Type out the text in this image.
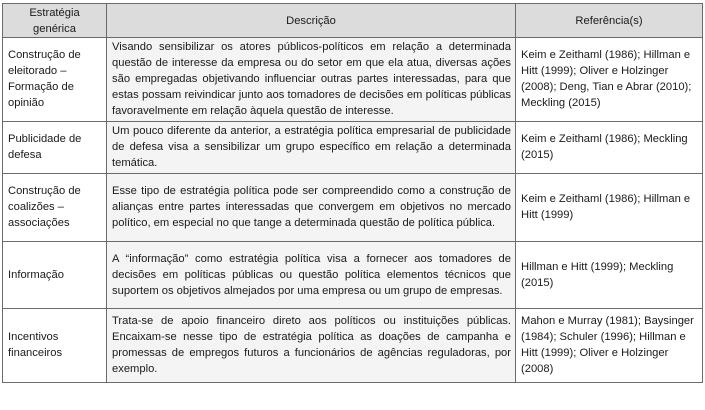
Estratégia genérica	Descrição	Referência(s)
Construção de eleitorado – Formação de opinião	Visando sensibilizar os atores públicos-políticos em relação a determinada questão de interesse da empresa ou do setor em que ela atua, diversas ações são empregadas objetivando influenciar outras partes interessadas, para que estas possam reivindicar junto aos tomadores de decisões em políticas públicas favoravelmente em relação àquela questão de interesse.	Keim e Zeithaml (1986); Hillman e Hitt (1999); Oliver e Holzinger (2008); Deng, Tian e Abrar (2010); Meckling (2015)
Publicidade de defesa	Um pouco diferente da anterior, a estratégia política empresarial de publicidade de defesa visa a sensibilizar um grupo específico em relação a determinada temática.	Keim e Zeithaml (1986); Meckling (2015)
Construção de coalizões – associações	Esse tipo de estratégia política pode ser compreendido como a construção de alianças entre partes interessadas que convergem em objetivos no mercado político, em especial no que tange a determinada questão de política pública.	Keim e Zeithaml (1986); Hillman e Hitt (1999)
Informação	A “informação” como estratégia política visa a fornecer aos tomadores de decisões em políticas públicas ou questão política elementos técnicos que suportem os objetivos almejados por uma empresa ou um grupo de empresas.	Hillman e Hitt (1999); Meckling (2015)
Incentivos financeiros	Trata-se de apoio financeiro direto aos políticos ou instituições públicas. Encaixam-se nesse tipo de estratégia política as doações de campanha e promessas de empregos futuros a funcionários de agências reguladoras, por exemplo.	Mahon e Murray (1981); Baysinger (1984); Schuler (1996); Hillman e Hitt (1999); Oliver e Holzinger (2008)
